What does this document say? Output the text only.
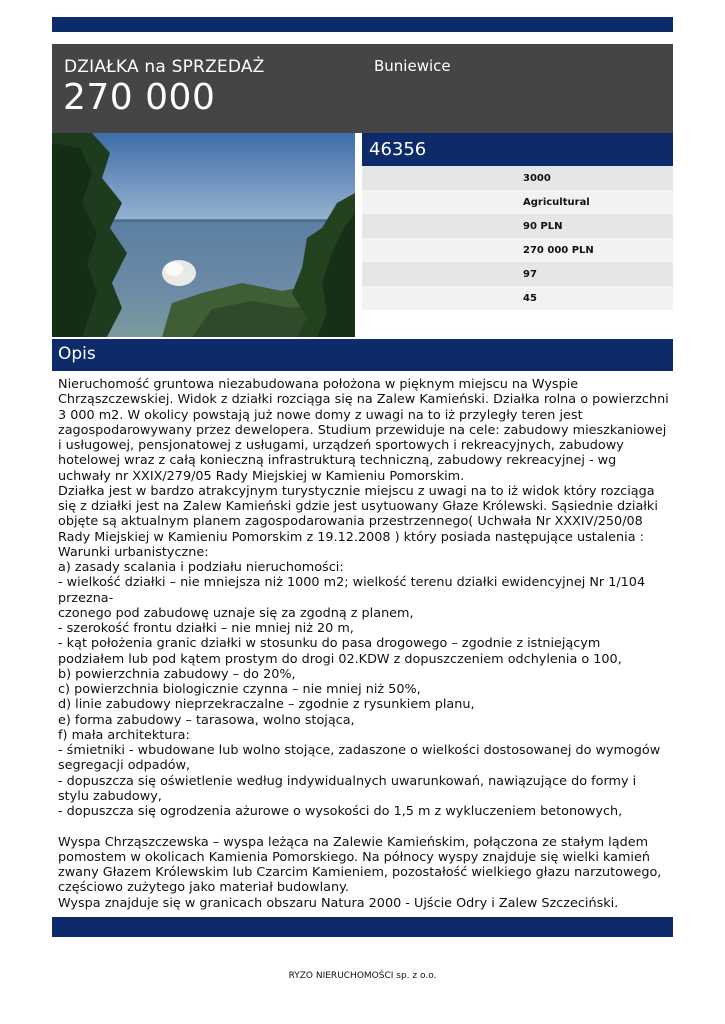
DZIAŁKA na SPRZEDAŻ
270 000
Buniewice
46356
3000
Agricultural
90 PLN
270 000 PLN
97
45
Opis

Nieruchomość gruntowa niezabudowana położona w pięknym miejscu na Wyspie Chrząszczewskiej. Widok z działki rozciąga się na Zalew Kamieński. Działka rolna o powierzchni 3 000 m2. W okolicy powstają już nowe domy z uwagi na to iż przyległy teren jest zagospodarowywany przez dewelopera. Studium przewiduje na cele: zabudowy mieszkaniowej i usługowej, pensjonatowej z usługami, urządzeń sportowych i rekreacyjnych, zabudowy hotelowej wraz z całą konieczną infrastrukturą techniczną, zabudowy rekreacyjnej - wg uchwały nr XXIX/279/05 Rady Miejskiej w Kamieniu Pomorskim.

Działka jest w bardzo atrakcyjnym turystycznie miejscu z uwagi na to iż widok który rozciąga się z działki jest na Zalew Kamieński gdzie jest usytuowany Głaze Królewski. Sąsiednie działki objęte są aktualnym planem zagospodarowania przestrzennego( Uchwała Nr XXXIV/250/08 Rady Miejskiej w Kamieniu Pomorskim z 19.12.2008 ) który posiada następujące ustalenia :

Warunki urbanistyczne:

a) zasady scalania i podziału nieruchomości:

- wielkość działki – nie mniejsza niż 1000 m2; wielkość terenu działki ewidencyjnej Nr 1/104 przezna-

czonego pod zabudowę uznaje się za zgodną z planem,

- szerokość frontu działki – nie mniej niż 20 m,

- kąt położenia granic działki w stosunku do pasa drogowego – zgodnie z istniejącym podziałem lub pod kątem prostym do drogi 02.KDW z dopuszczeniem odchylenia o 100,

b) powierzchnia zabudowy – do 20%,

c) powierzchnia biologicznie czynna – nie mniej niż 50%,

d) linie zabudowy nieprzekraczalne – zgodnie z rysunkiem planu,

e) forma zabudowy – tarasowa, wolno stojąca,

f) mała architektura:

- śmietniki - wbudowane lub wolno stojące, zadaszone o wielkości dostosowanej do wymogów segregacji odpadów,

- dopuszcza się oświetlenie według indywidualnych uwarunkowań, nawiązujące do formy i stylu zabudowy,

- dopuszcza się ogrodzenia ażurowe o wysokości do 1,5 m z wykluczeniem betonowych,

Wyspa Chrząszczewska – wyspa leżąca na Zalewie Kamieńskim, połączona ze stałym lądem pomostem w okolicach Kamienia Pomorskiego. Na północy wyspy znajduje się wielki kamień zwany Głazem Królewskim lub Czarcim Kamieniem, pozostałość wielkiego głazu narzutowego, częściowo zużytego jako materiał budowlany.

Wyspa znajduje się w granicach obszaru Natura 2000 - Ujście Odry i Zalew Szczeciński.

RYZO NIERUCHOMOŚCI sp. z o.o.
